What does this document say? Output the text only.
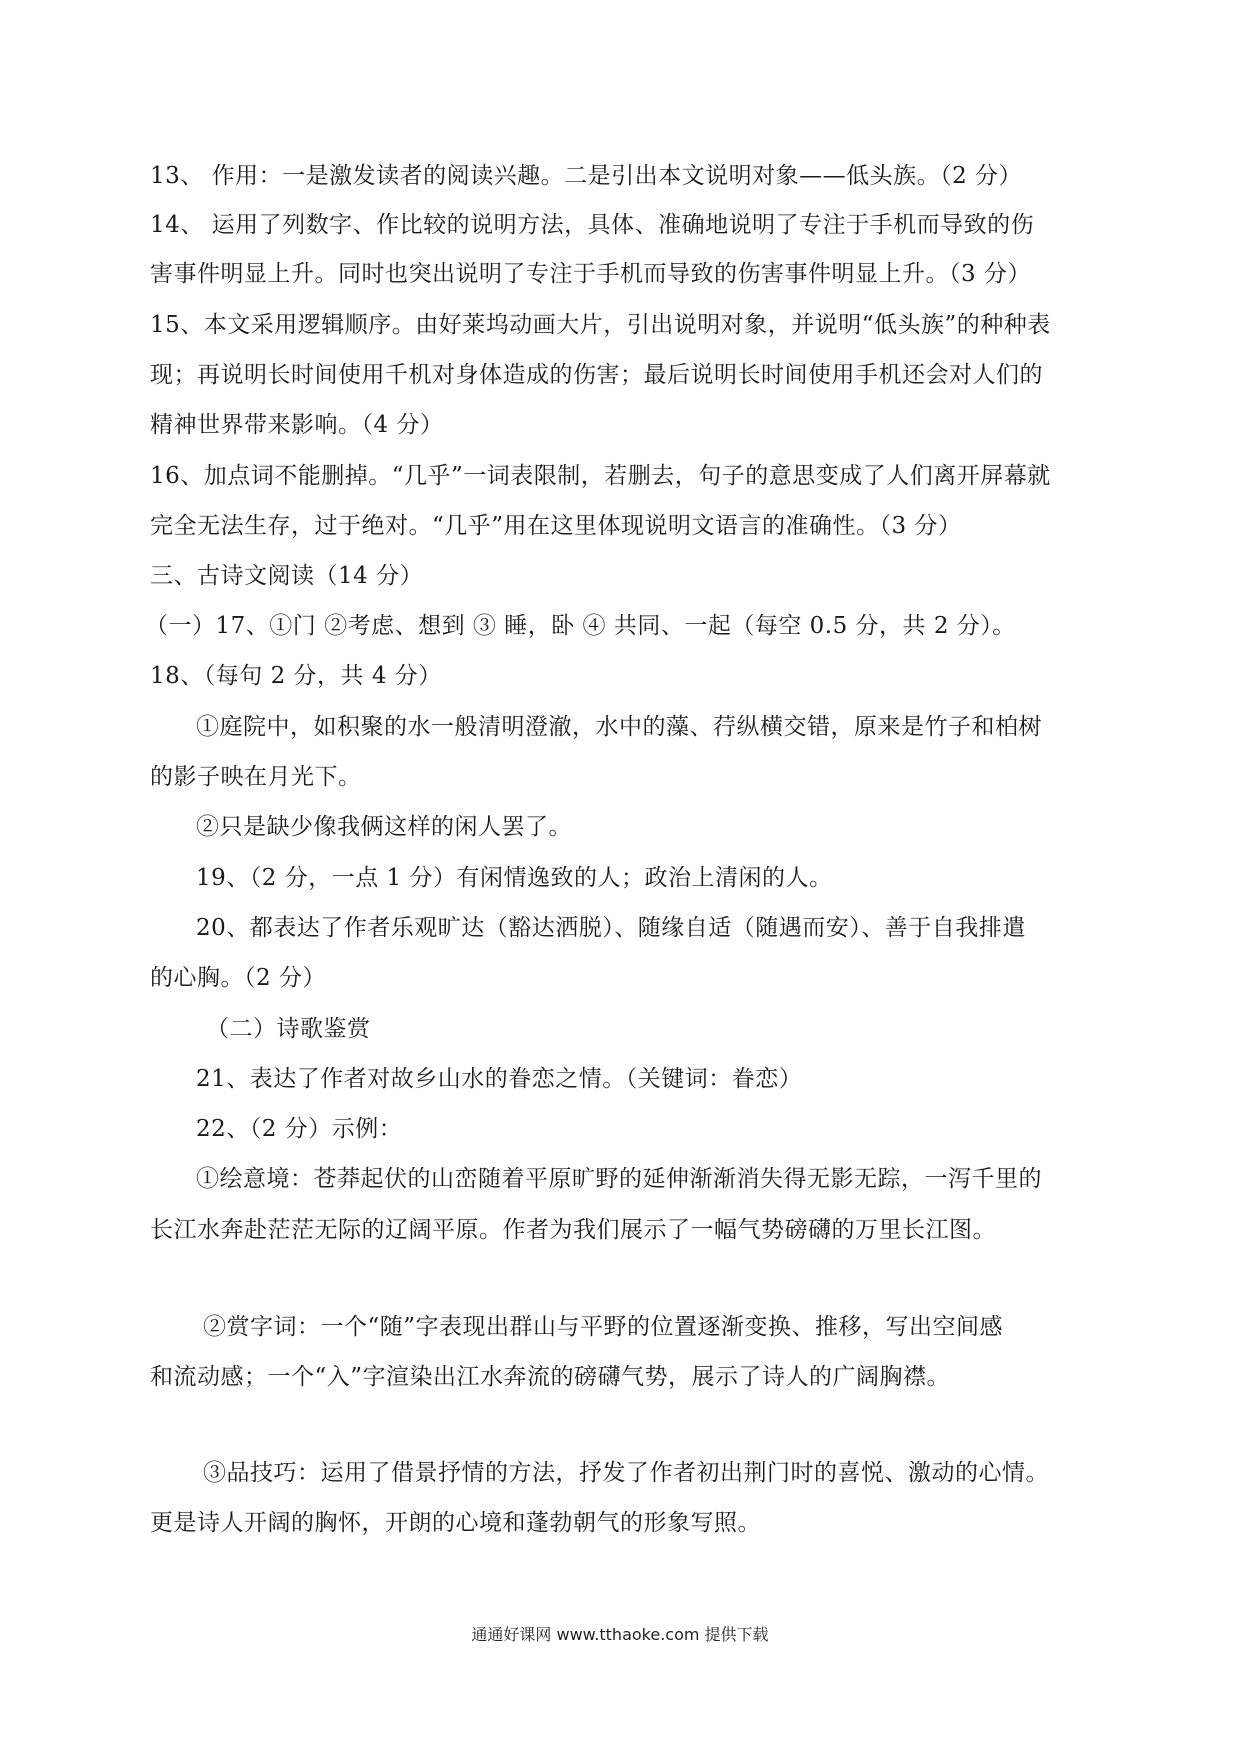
13、 作用：一是激发读者的阅读兴趣。二是引出本文说明对象——低头族。（2 分）
14、 运用了列数字、作比较的说明方法，具体、准确地说明了专注于手机而导致的伤
害事件明显上升。同时也突出说明了专注于手机而导致的伤害事件明显上升。（3 分）
15、本文采用逻辑顺序。由好莱坞动画大片，引出说明对象，并说明“低头族”的种种表
现；再说明长时间使用千机对身体造成的伤害；最后说明长时间使用手机还会对人们的
精神世界带来影响。（4 分）
16、加点词不能删掉。“几乎”一词表限制，若删去，句子的意思变成了人们离开屏幕就
完全无法生存，过于绝对。“几乎”用在这里体现说明文语言的准确性。（3 分）
三、古诗文阅读（14 分）
（一）17、①门 ②考虑、想到 ③ 睡，卧 ④ 共同、一起（每空 0.5 分，共 2 分）。
18、（每句 2 分，共 4 分）
①庭院中，如积聚的水一般清明澄澈，水中的藻、荇纵横交错，原来是竹子和柏树
的影子映在月光下。
②只是缺少像我俩这样的闲人罢了。
19、（2 分，一点 1 分）有闲情逸致的人；政治上清闲的人。
20、都表达了作者乐观旷达（豁达洒脱）、随缘自适（随遇而安）、善于自我排遣
的心胸。（2 分）
（二）诗歌鉴赏
21、表达了作者对故乡山水的眷恋之情。（关键词：眷恋）
22、（2 分）示例：
①绘意境：苍莽起伏的山峦随着平原旷野的延伸渐渐消失得无影无踪，一泻千里的
长江水奔赴茫茫无际的辽阔平原。作者为我们展示了一幅气势磅礴的万里长江图。
②赏字词：一个“随”字表现出群山与平野的位置逐渐变换、推移，写出空间感
和流动感；一个“入”字渲染出江水奔流的磅礴气势，展示了诗人的广阔胸襟。
③品技巧：运用了借景抒情的方法，抒发了作者初出荆门时的喜悦、激动的心情。
更是诗人开阔的胸怀，开朗的心境和蓬勃朝气的形象写照。
通通好课网 www.tthaoke.com 提供下载
